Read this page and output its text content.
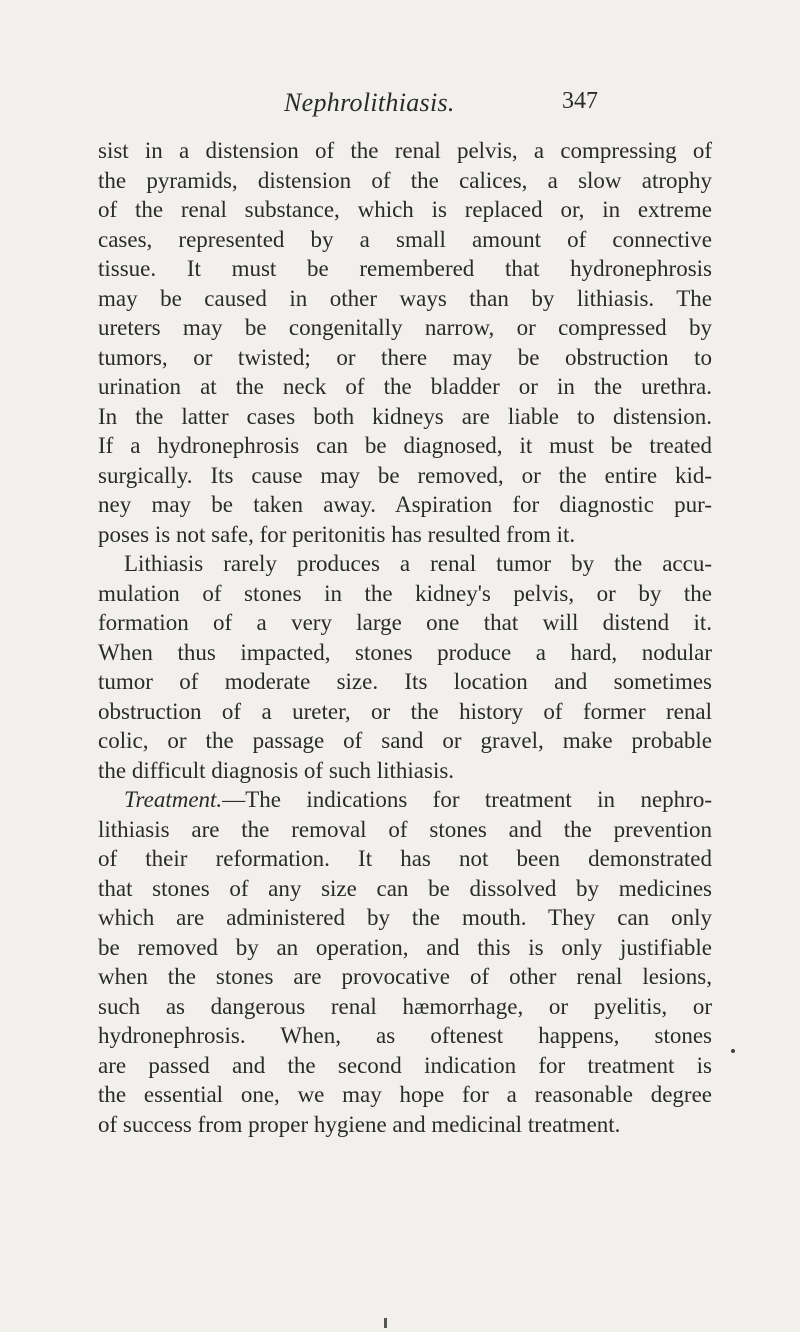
Nephrolithiasis.	347
sist in a distension of the renal pelvis, a compressing of
the pyramids, distension of the calices, a slow atrophy
of the renal substance, which is replaced or, in extreme
cases, represented by a small amount of connective
tissue. It must be remembered that hydronephrosis
may be caused in other ways than by lithiasis. The
ureters may be congenitally narrow, or compressed by
tumors, or twisted; or there may be obstruction to
urination at the neck of the bladder or in the urethra.
In the latter cases both kidneys are liable to distension.
If a hydronephrosis can be diagnosed, it must be treated
surgically. Its cause may be removed, or the entire kid-
ney may be taken away. Aspiration for diagnostic pur-
poses is not safe, for peritonitis has resulted from it.
Lithiasis rarely produces a renal tumor by the accu-
mulation of stones in the kidney's pelvis, or by the
formation of a very large one that will distend it.
When thus impacted, stones produce a hard, nodular
tumor of moderate size. Its location and sometimes
obstruction of a ureter, or the history of former renal
colic, or the passage of sand or gravel, make probable
the difficult diagnosis of such lithiasis.
Treatment.—The indications for treatment in nephro-
lithiasis are the removal of stones and the prevention
of their reformation. It has not been demonstrated
that stones of any size can be dissolved by medicines
which are administered by the mouth. They can only
be removed by an operation, and this is only justifiable
when the stones are provocative of other renal lesions,
such as dangerous renal hæmorrhage, or pyelitis, or
hydronephrosis. When, as oftenest happens, stones
are passed and the second indication for treatment is
the essential one, we may hope for a reasonable degree
of success from proper hygiene and medicinal treatment.
